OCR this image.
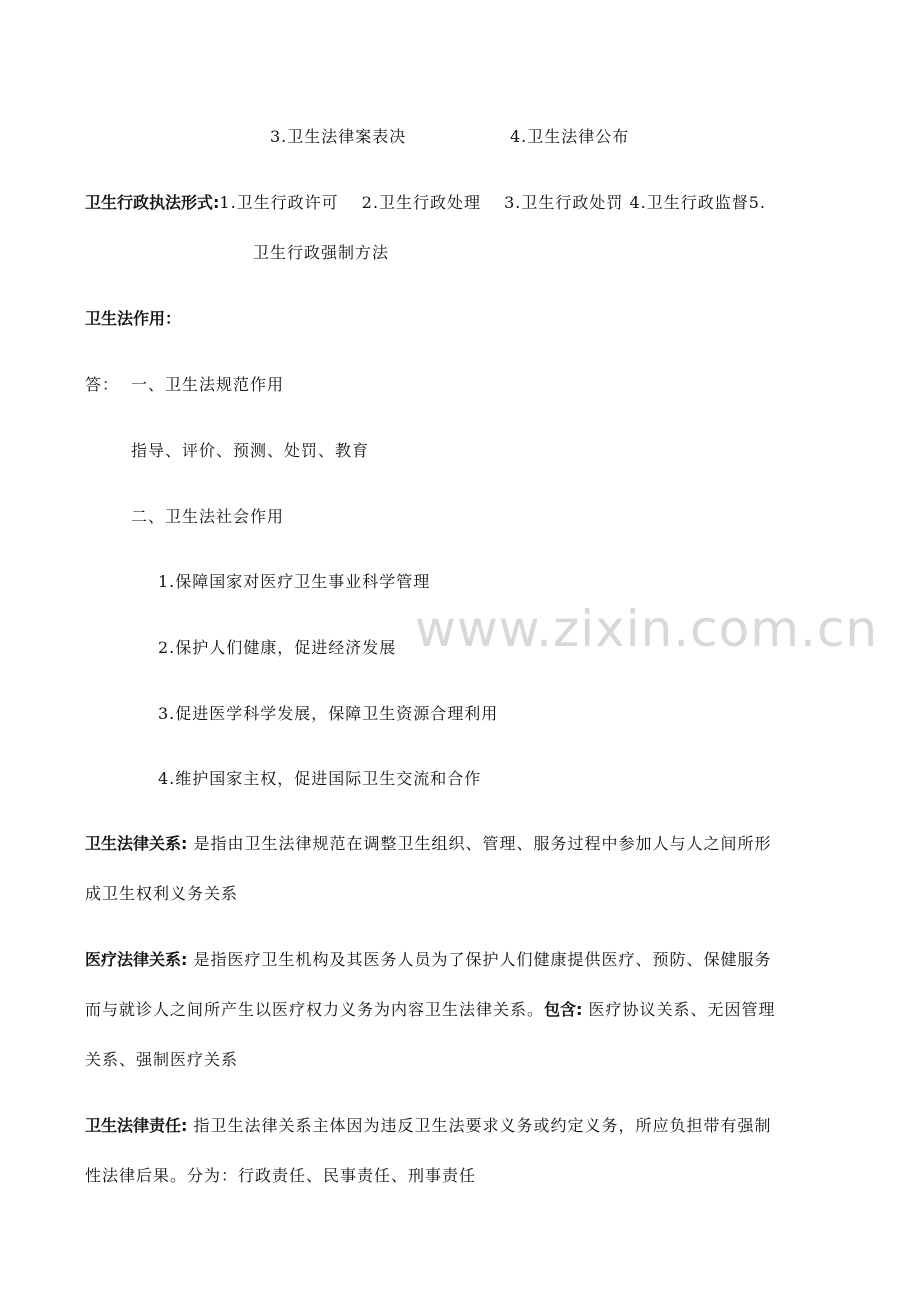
www.zixin.com.cn
3.卫生法律案表决	4.卫生法律公布
卫生行政执法形式:1.卫生行政许可　 2.卫生行政处理　 3.卫生行政处罚 4.卫生行政监督5.
卫生行政强制方法
卫生法作用：
答： 一、卫生法规范作用
指导、评价、预测、处罚、教育
二、卫生法社会作用
1.保障国家对医疗卫生事业科学管理
2.保护人们健康，促进经济发展
3.促进医学科学发展，保障卫生资源合理利用
4.维护国家主权，促进国际卫生交流和合作
卫生法律关系: 是指由卫生法律规范在调整卫生组织、管理、服务过程中参加人与人之间所形
成卫生权利义务关系
医疗法律关系: 是指医疗卫生机构及其医务人员为了保护人们健康提供医疗、预防、保健服务
而与就诊人之间所产生以医疗权力义务为内容卫生法律关系。包含: 医疗协议关系、无因管理
关系、强制医疗关系
卫生法律责任: 指卫生法律关系主体因为违反卫生法要求义务或约定义务，所应负担带有强制
性法律后果。分为：行政责任、民事责任、刑事责任
